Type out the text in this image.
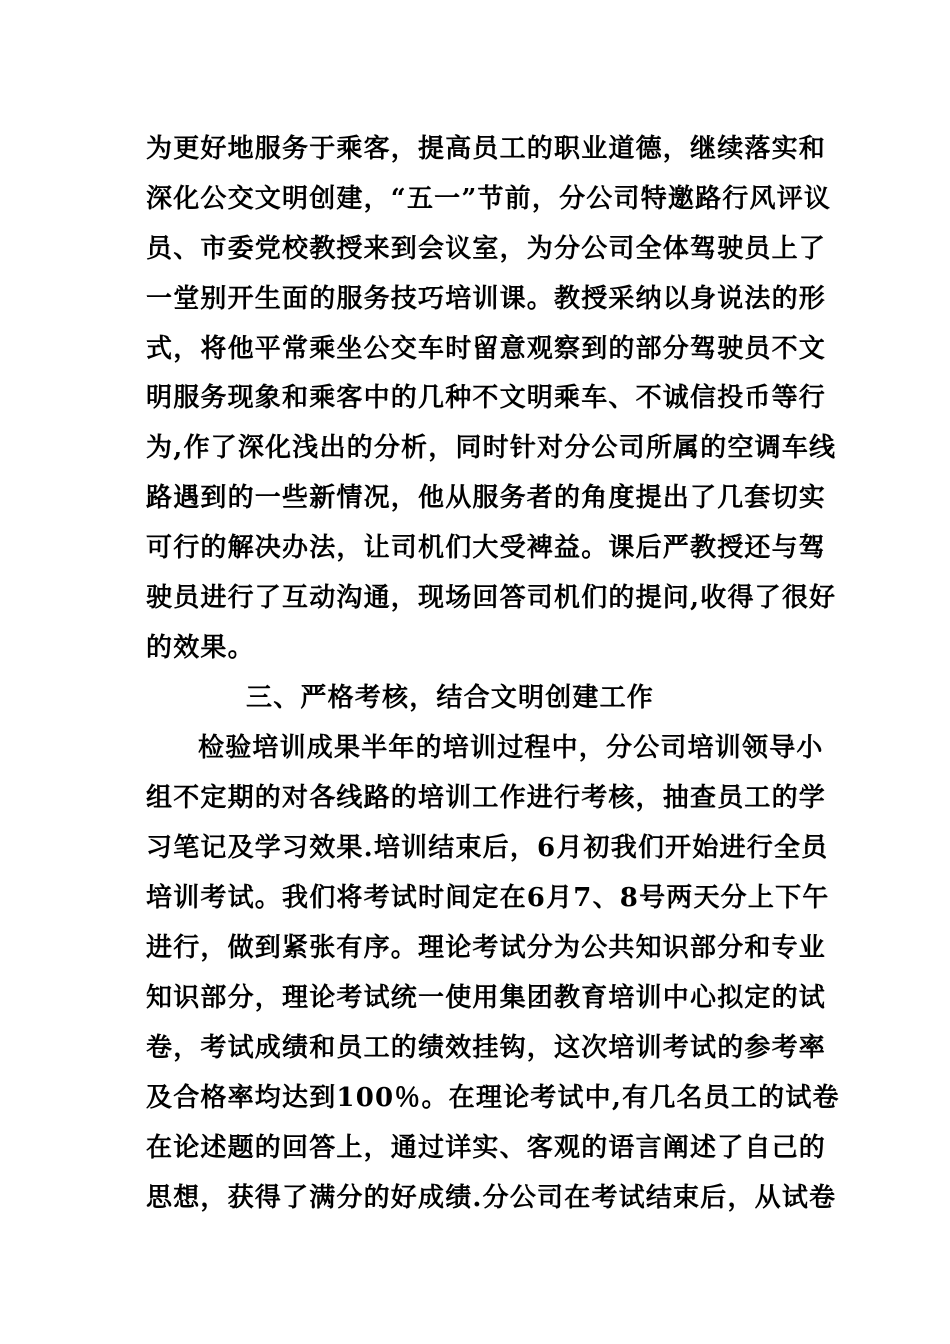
为更好地服务于乘客，提高员工的职业道德，继续落实和
深化公交文明创建，“五一”节前，分公司特邀路行风评议
员、市委党校教授来到会议室，为分公司全体驾驶员上了
一堂别开生面的服务技巧培训课。教授采纳以身说法的形
式，将他平常乘坐公交车时留意观察到的部分驾驶员不文
明服务现象和乘客中的几种不文明乘车、不诚信投币等行
为,作了深化浅出的分析，同时针对分公司所属的空调车线
路遇到的一些新情况，他从服务者的角度提出了几套切实
可行的解决办法，让司机们大受裨益。课后严教授还与驾
驶员进行了互动沟通，现场回答司机们的提问,收得了很好
的效果。
三、严格考核，结合文明创建工作
检验培训成果半年的培训过程中，分公司培训领导小
组不定期的对各线路的培训工作进行考核，抽查员工的学
习笔记及学习效果.培训结束后，6月初我们开始进行全员
培训考试。我们将考试时间定在6月7、8号两天分上下午
进行，做到紧张有序。理论考试分为公共知识部分和专业
知识部分，理论考试统一使用集团教育培训中心拟定的试
卷，考试成绩和员工的绩效挂钩，这次培训考试的参考率
及合格率均达到100％。在理论考试中,有几名员工的试卷
在论述题的回答上，通过详实、客观的语言阐述了自己的
思想，获得了满分的好成绩.分公司在考试结束后，从试卷
